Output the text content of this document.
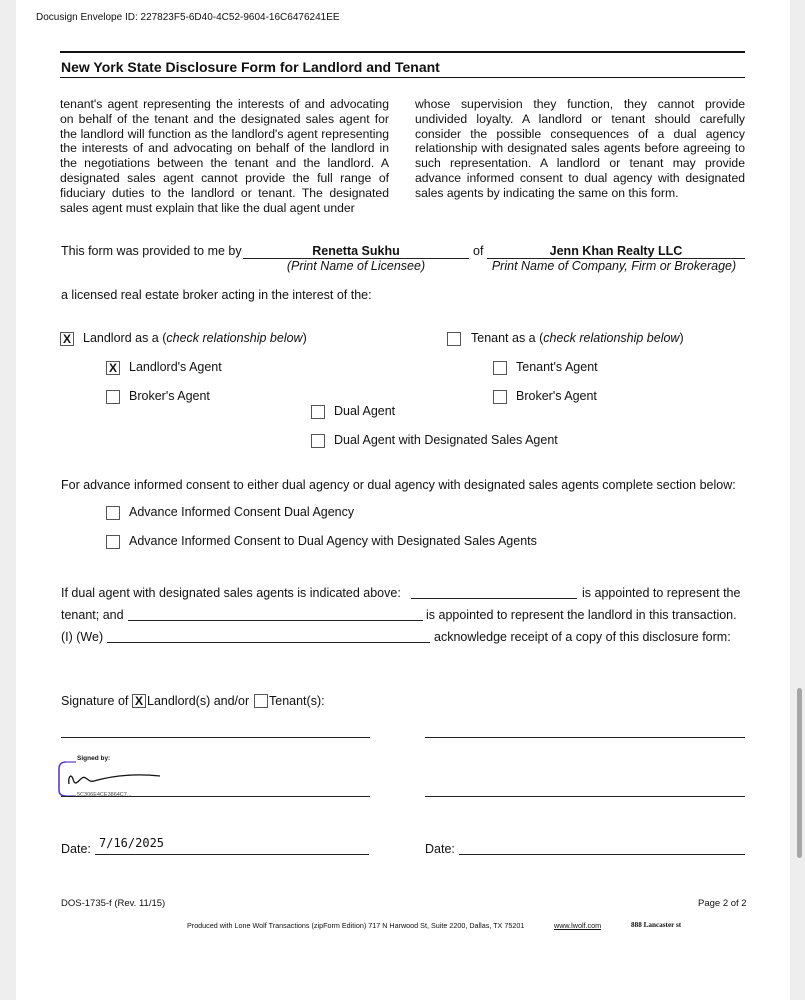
Docusign Envelope ID: 227823F5-6D40-4C52-9604-16C6476241EE
New York State Disclosure Form for Landlord and Tenant
tenant's agent representing the interests of and advocating on behalf of the tenant and the designated sales agent for the landlord will function as the landlord's agent representing the interests of and advocating on behalf of the landlord in the negotiations between the tenant and the landlord. A designated sales agent cannot provide the full range of fiduciary duties to the landlord or tenant. The designated sales agent must explain that like the dual agent under
whose supervision they function, they cannot provide undivided loyalty. A landlord or tenant should carefully consider the possible consequences of a dual agency relationship with designated sales agents before agreeing to such representation. A landlord or tenant may provide advance informed consent to dual agency with designated sales agents by indicating the same on this form.
This form was provided to me by	Renetta Sukhu
(Print Name of Licensee)
of	Jenn Khan Realty LLC
Print Name of Company, Firm or Brokerage)
a licensed real estate broker acting in the interest of the:
X Landlord as a (check relationship below)	Tenant as a (check relationship below)
X Landlord's Agent	Tenant's Agent
Broker's Agent	Broker's Agent
Dual Agent
Dual Agent with Designated Sales Agent
For advance informed consent to either dual agency or dual agency with designated sales agents complete section below:
Advance Informed Consent Dual Agency
Advance Informed Consent to Dual Agency with Designated Sales Agents
If dual agent with designated sales agents is indicated above:	is appointed to represent the
tenant; and	is appointed to represent the landlord in this transaction.
(I) (We)	acknowledge receipt of a copy of this disclosure form:
Signature of X Landlord(s) and/or Tenant(s):
Signed by:
5C306E4CE3864C7...
Date: 7/16/2025	Date:
DOS-1735-f (Rev. 11/15)	Page 2 of 2
Produced with Lone Wolf Transactions (zipForm Edition) 717 N Harwood St, Suite 2200, Dallas, TX 75201	www.lwolf.com	888 Lancaster st
